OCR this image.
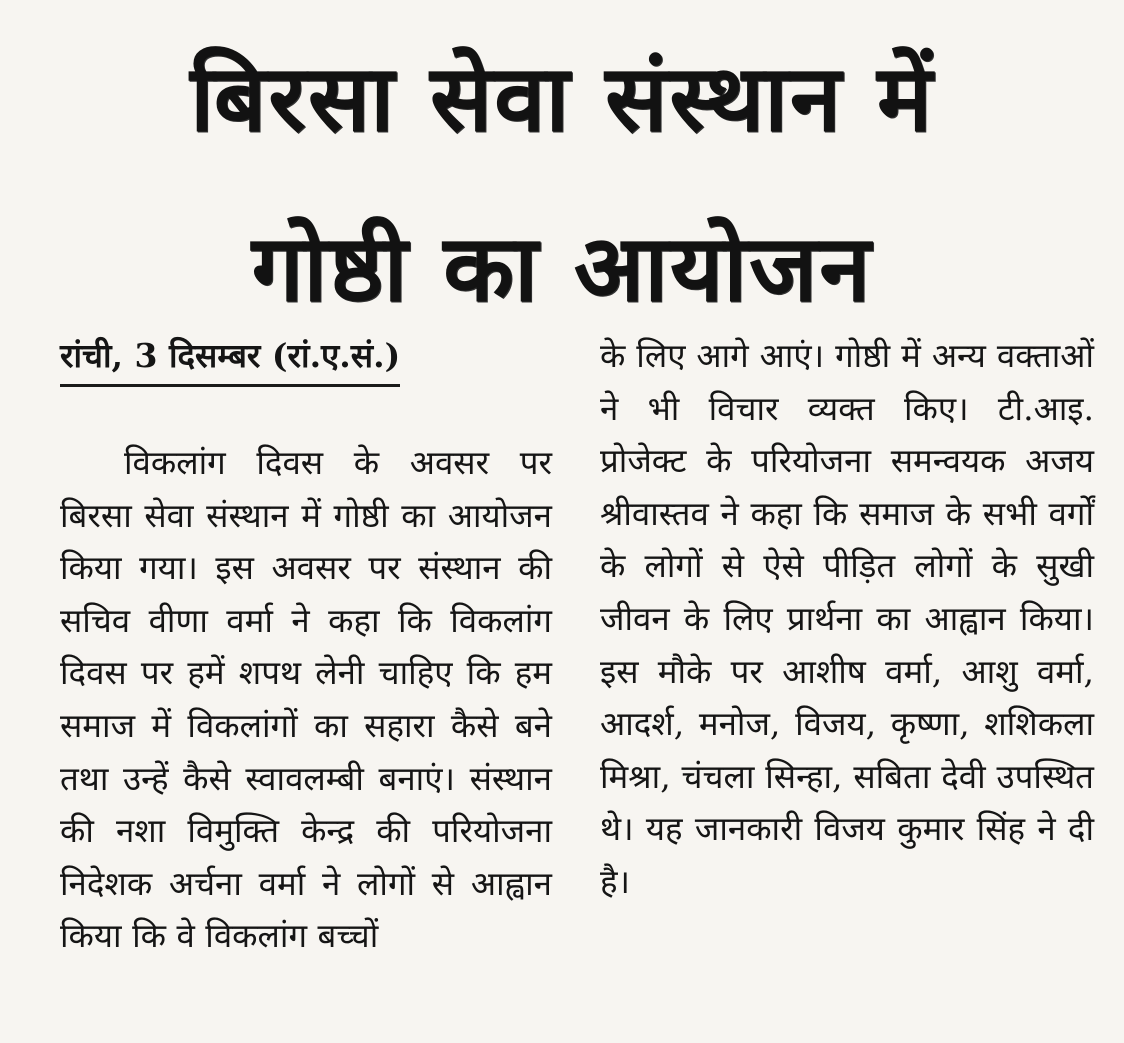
बिरसा सेवा संस्थान में
गोष्ठी का आयोजन
रांची, 3 दिसम्बर (रां.ए.सं.)
विकलांग दिवस के अवसर पर बिरसा सेवा संस्थान में गोष्ठी का आयोजन किया गया। इस अवसर पर संस्थान की सचिव वीणा वर्मा ने कहा कि विकलांग दिवस पर हमें शपथ लेनी चाहिए कि हम समाज में विकलांगों का सहारा कैसे बने तथा उन्हें कैसे स्वावलम्बी बनाएं। संस्थान की नशा विमुक्ति केन्द्र की परियोजना निदेशक अर्चना वर्मा ने लोगों से आह्वान किया कि वे विकलांग बच्चों
के लिए आगे आएं। गोष्ठी में अन्य वक्ताओं ने भी विचार व्यक्त किए। टी.आइ. प्रोजेक्ट के परियोजना समन्वयक अजय श्रीवास्तव ने कहा कि समाज के सभी वर्गों के लोगों से ऐसे पीड़ित लोगों के सुखी जीवन के लिए प्रार्थना का आह्वान किया। इस मौके पर आशीष वर्मा, आशु वर्मा, आदर्श, मनोज, विजय, कृष्णा, शशिकला मिश्रा, चंचला सिन्हा, सबिता देवी उपस्थित थे। यह जानकारी विजय कुमार सिंह ने दी है।
